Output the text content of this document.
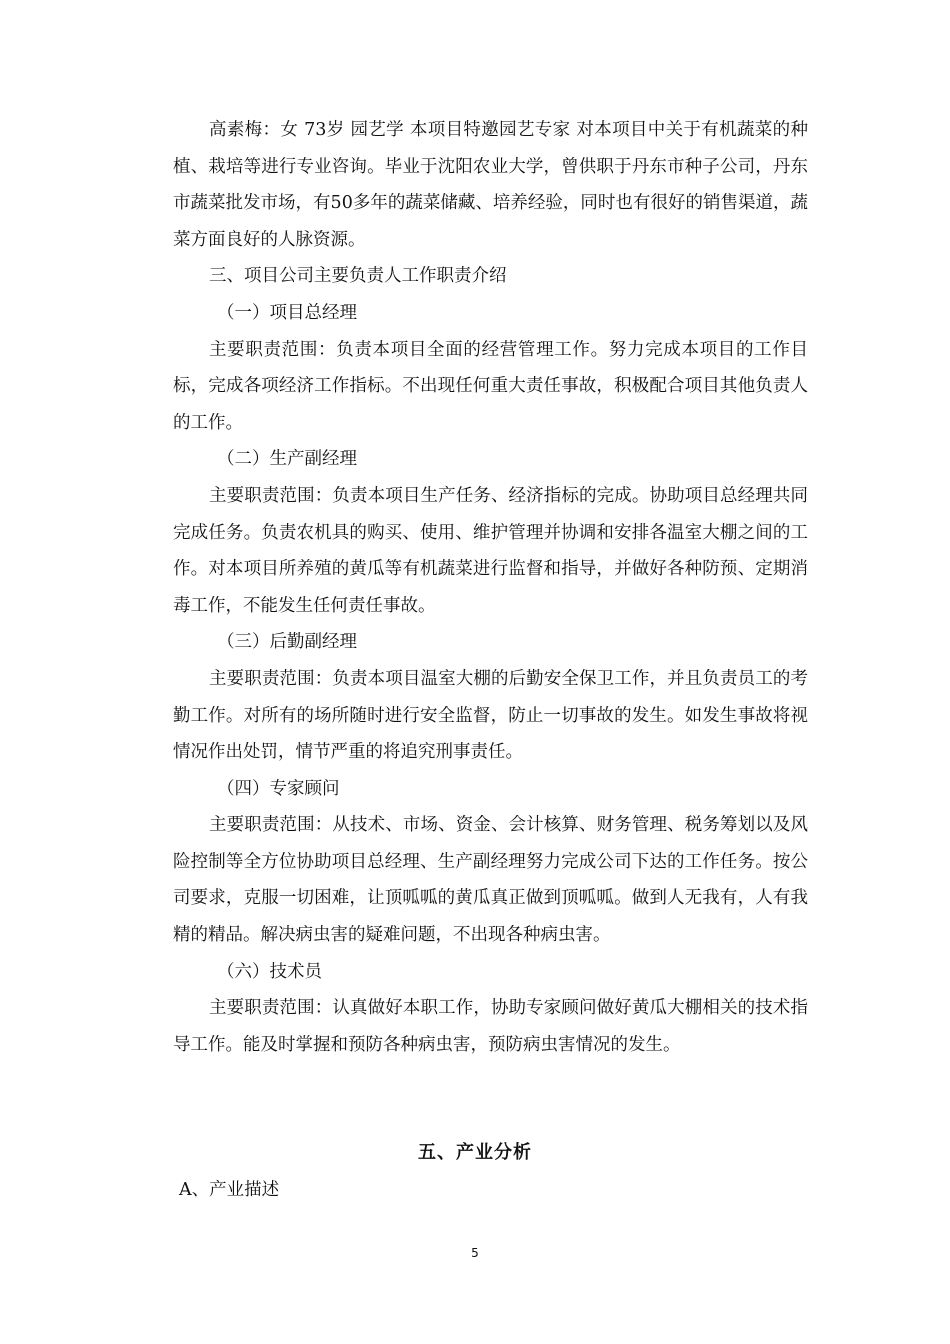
高素梅：女 73岁 园艺学 本项目特邀园艺专家 对本项目中关于有机蔬菜的种植、栽培等进行专业咨询。毕业于沈阳农业大学，曾供职于丹东市种子公司，丹东市蔬菜批发市场，有50多年的蔬菜储藏、培养经验，同时也有很好的销售渠道，蔬菜方面良好的人脉资源。

三、项目公司主要负责人工作职责介绍

（一）项目总经理

主要职责范围：负责本项目全面的经营管理工作。努力完成本项目的工作目标，完成各项经济工作指标。不出现任何重大责任事故，积极配合项目其他负责人的工作。

（二）生产副经理

主要职责范围：负责本项目生产任务、经济指标的完成。协助项目总经理共同完成任务。负责农机具的购买、使用、维护管理并协调和安排各温室大棚之间的工作。对本项目所养殖的黄瓜等有机蔬菜进行监督和指导，并做好各种防预、定期消毒工作，不能发生任何责任事故。

（三）后勤副经理

主要职责范围：负责本项目温室大棚的后勤安全保卫工作，并且负责员工的考勤工作。对所有的场所随时进行安全监督，防止一切事故的发生。如发生事故将视情况作出处罚，情节严重的将追究刑事责任。

（四）专家顾问

主要职责范围：从技术、市场、资金、会计核算、财务管理、税务筹划以及风险控制等全方位协助项目总经理、生产副经理努力完成公司下达的工作任务。按公司要求，克服一切困难，让顶呱呱的黄瓜真正做到顶呱呱。做到人无我有，人有我精的精品。解决病虫害的疑难问题，不出现各种病虫害。

（六）技术员

主要职责范围：认真做好本职工作，协助专家顾问做好黄瓜大棚相关的技术指导工作。能及时掌握和预防各种病虫害，预防病虫害情况的发生。

五、产业分析
A、产业描述
5
